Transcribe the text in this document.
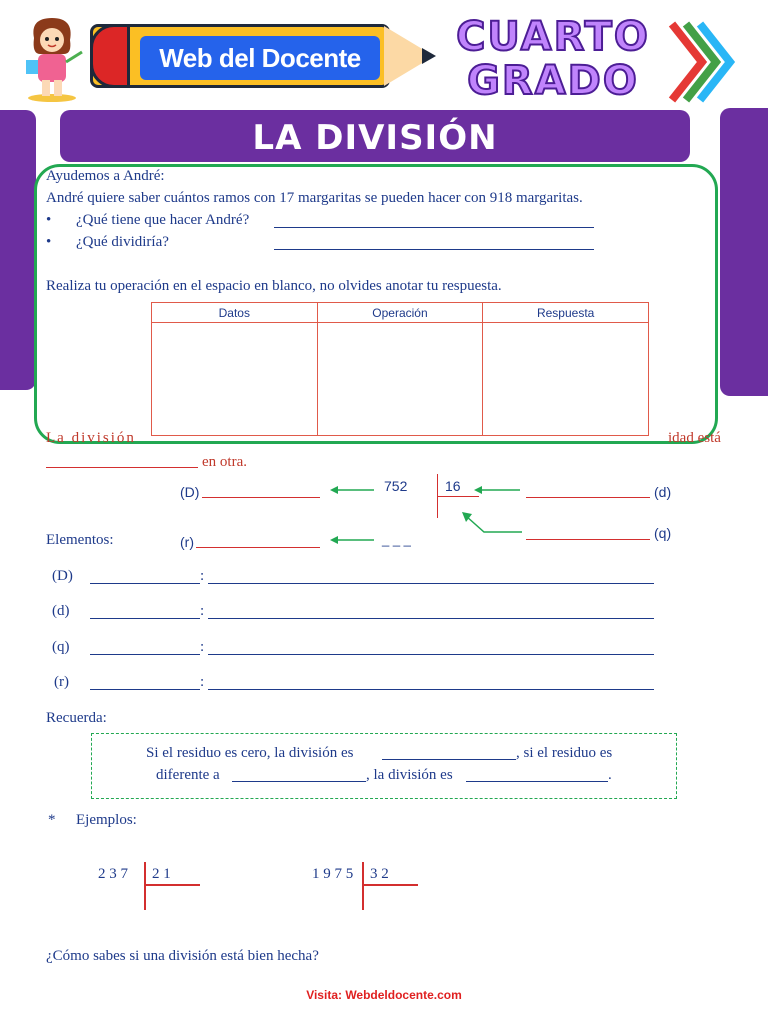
Web del Docente	CUARTO
GRADO
LA DIVISIÓN
Ayudemos a André:
André quiere saber cuántos ramos con 17 margaritas se pueden hacer con 918 margaritas.
• ¿Qué tiene que hacer André?
• ¿Qué dividiría?
Realiza tu operación en el espacio en blanco, no olvides anotar tu respuesta.
Datos	Operación	Respuesta

La división	idad está
en otra.
(D)	752	16	(d)
(q)
Elementos:	(r)	_ _ _
(D)	:
(d)	:
(q)	:
(r)	:
Recuerda:
Si el residuo es cero, la división es	, si el residuo es
diferente a	, la división es	.
* Ejemplos:
2 3 7 2 1	1 9 7 5 3 2
¿Cómo sabes si una división está bien hecha?
Visita: Webdeldocente.com
